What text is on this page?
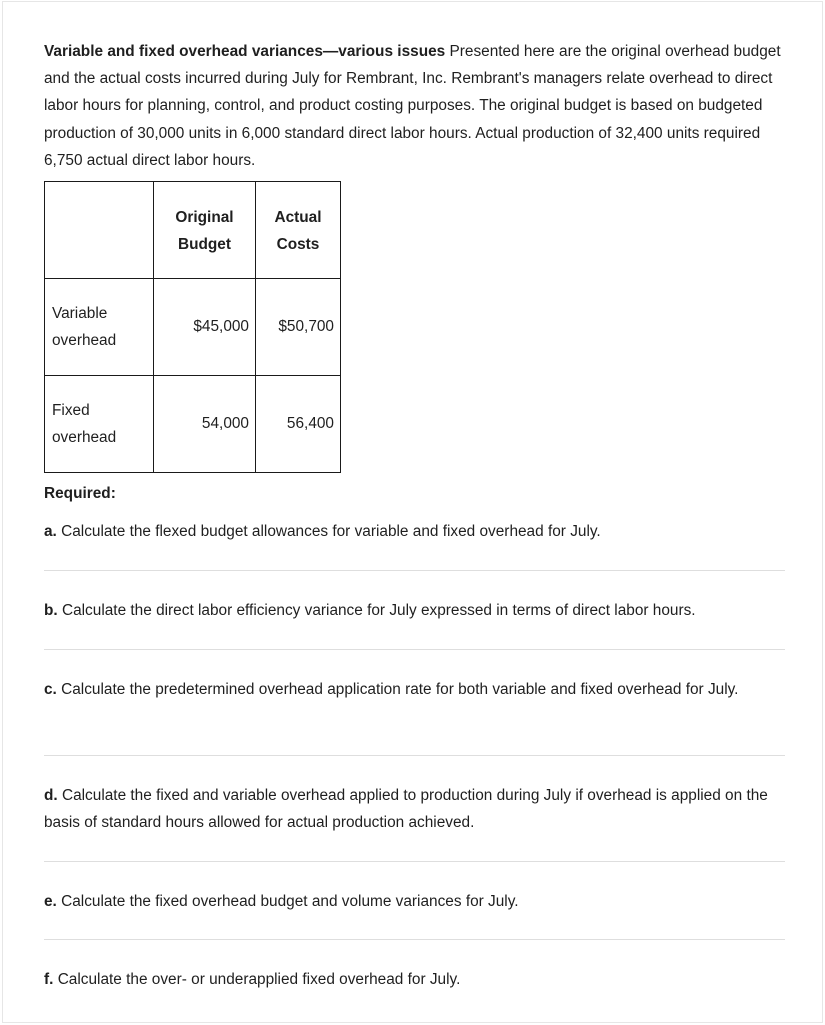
Variable and fixed overhead variances—various issues Presented here are the original overhead budget and the actual costs incurred during July for Rembrant, Inc. Rembrant's managers relate overhead to direct labor hours for planning, control, and product costing purposes. The original budget is based on budgeted production of 30,000 units in 6,000 standard direct labor hours. Actual production of 32,400 units required 6,750 actual direct labor hours.
	Original Budget	Actual Costs
Variable overhead	$45,000	$50,700
Fixed overhead	54,000	56,400
Required:
a. Calculate the flexed budget allowances for variable and fixed overhead for July.
b. Calculate the direct labor efficiency variance for July expressed in terms of direct labor hours.
c. Calculate the predetermined overhead application rate for both variable and fixed overhead for July.
d. Calculate the fixed and variable overhead applied to production during July if overhead is applied on the basis of standard hours allowed for actual production achieved.
e. Calculate the fixed overhead budget and volume variances for July.
f. Calculate the over- or underapplied fixed overhead for July.
